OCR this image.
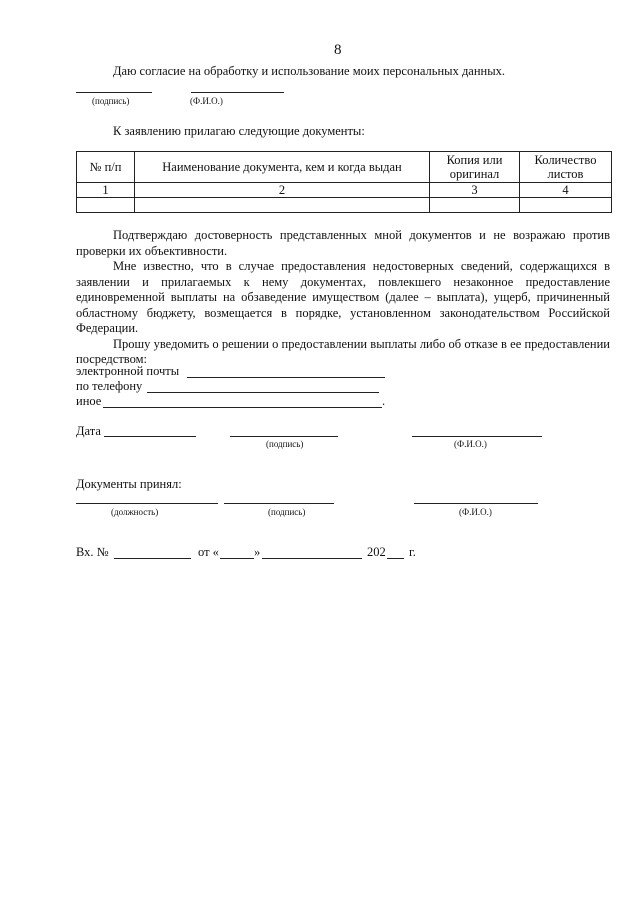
8
Даю согласие на обработку и использование моих персональных данных.
(подпись)	(Ф.И.О.)
К заявлению прилагаю следующие документы:
№ п/п	Наименование документа, кем и когда выдан	Копия или оригинал	Количество листов
1	2	3	4

Подтверждаю достоверность представленных мной документов и не возражаю против проверки их объективности.

Мне известно, что в случае предоставления недостоверных сведений, содержащихся в заявлении и прилагаемых к нему документах, повлекшего незаконное предоставление единовременной выплаты на обзаведение имуществом (далее – выплата), ущерб, причиненный областному бюджету, возмещается в порядке, установленном законодательством Российской Федерации.

Прошу уведомить о решении о предоставлении выплаты либо об отказе в ее предоставлении посредством:

электронной почты
по телефону
иное	.
Дата
(подпись)	(Ф.И.О.)
Документы принял:
(должность)	(подпись)	(Ф.И.О.)
Вх. №	от «	»	202 г.
